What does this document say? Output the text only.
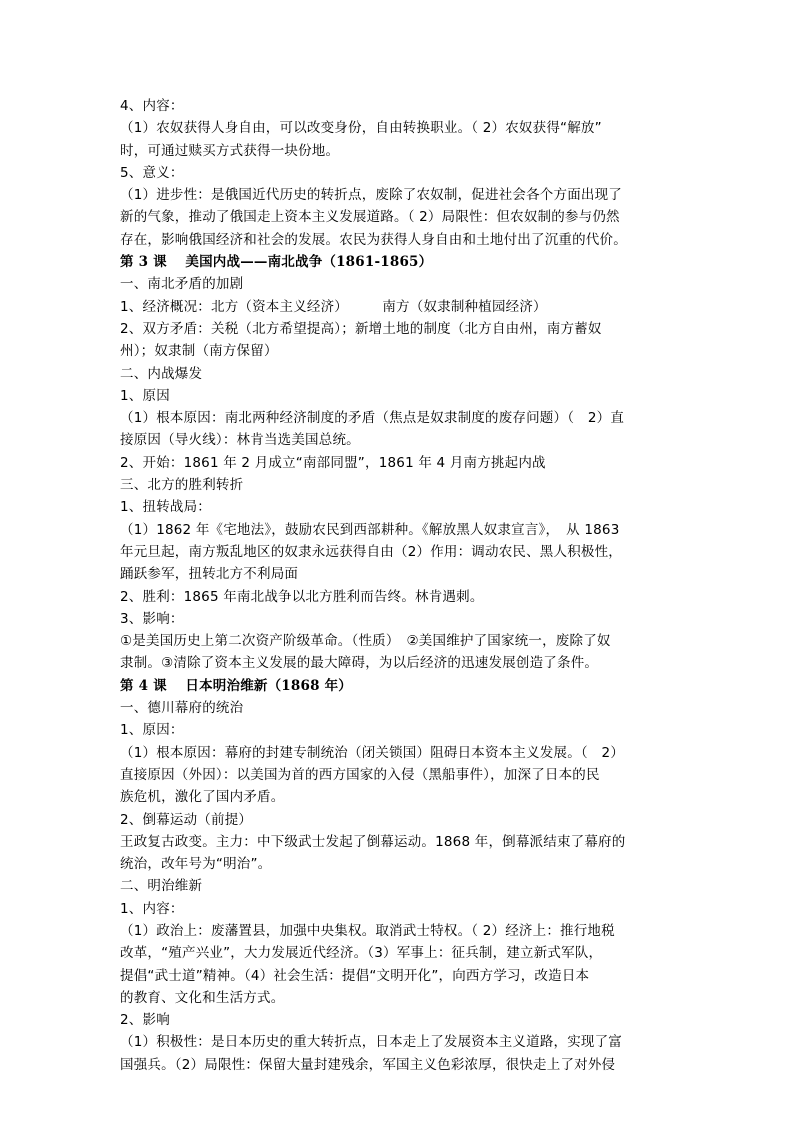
4、内容：
（1）农奴获得人身自由，可以改变身份，自由转换职业。（ 2）农奴获得“解放”
时，可通过赎买方式获得一块份地。
5、意义：
（1）进步性：是俄国近代历史的转折点，废除了农奴制，促进社会各个方面出现了
新的气象，推动了俄国走上资本主义发展道路。（ 2）局限性：但农奴制的参与仍然
存在，影响俄国经济和社会的发展。农民为获得人身自由和土地付出了沉重的代价。
第 3 课　 美国内战——南北战争（1861-1865）
一、南北矛盾的加剧
1、经济概况：北方（资本主义经济）　　　南方（奴隶制种植园经济）
2、双方矛盾：关税（北方希望提高）；新增土地的制度（北方自由州，南方蓄奴
州）；奴隶制（南方保留）
二、内战爆发
1、原因
（1）根本原因：南北两种经济制度的矛盾（焦点是奴隶制度的废存问题）（　2）直
接原因（导火线）：林肯当选美国总统。
2、开始：1861 年 2 月成立“南部同盟”，1861 年 4 月南方挑起内战
三、北方的胜利转折
1、扭转战局：
（1）1862 年《宅地法》，鼓励农民到西部耕种。《解放黑人奴隶宣言》，　从 1863
年元旦起，南方叛乱地区的奴隶永远获得自由（2）作用：调动农民、黑人积极性，
踊跃参军，扭转北方不利局面
2、胜利：1865 年南北战争以北方胜利而告终。林肯遇刺。
3、影响：
①是美国历史上第二次资产阶级革命。（性质）　②美国维护了国家统一，废除了奴
隶制。③清除了资本主义发展的最大障碍，为以后经济的迅速发展创造了条件。
第 4 课　 日本明治维新（1868 年）
一、德川幕府的统治
1、原因：
（1）根本原因：幕府的封建专制统治（闭关锁国）阻碍日本资本主义发展。（　2）
直接原因（外因）：以美国为首的西方国家的入侵（黑船事件），加深了日本的民
族危机，激化了国内矛盾。
2、倒幕运动（前提）
王政复古政变。主力：中下级武士发起了倒幕运动。1868 年，倒幕派结束了幕府的
统治，改年号为“明治”。
二、明治维新
1、内容：
（1）政治上：废藩置县，加强中央集权。取消武士特权。（ 2）经济上：推行地税
改革，“殖产兴业”，大力发展近代经济。（3）军事上：征兵制，建立新式军队，
提倡“武士道”精神。（4）社会生活：提倡“文明开化”，向西方学习，改造日本
的教育、文化和生活方式。
2、影响
（1）积极性：是日本历史的重大转折点，日本走上了发展资本主义道路，实现了富
国强兵。（2）局限性：保留大量封建残余，军国主义色彩浓厚，很快走上了对外侵
